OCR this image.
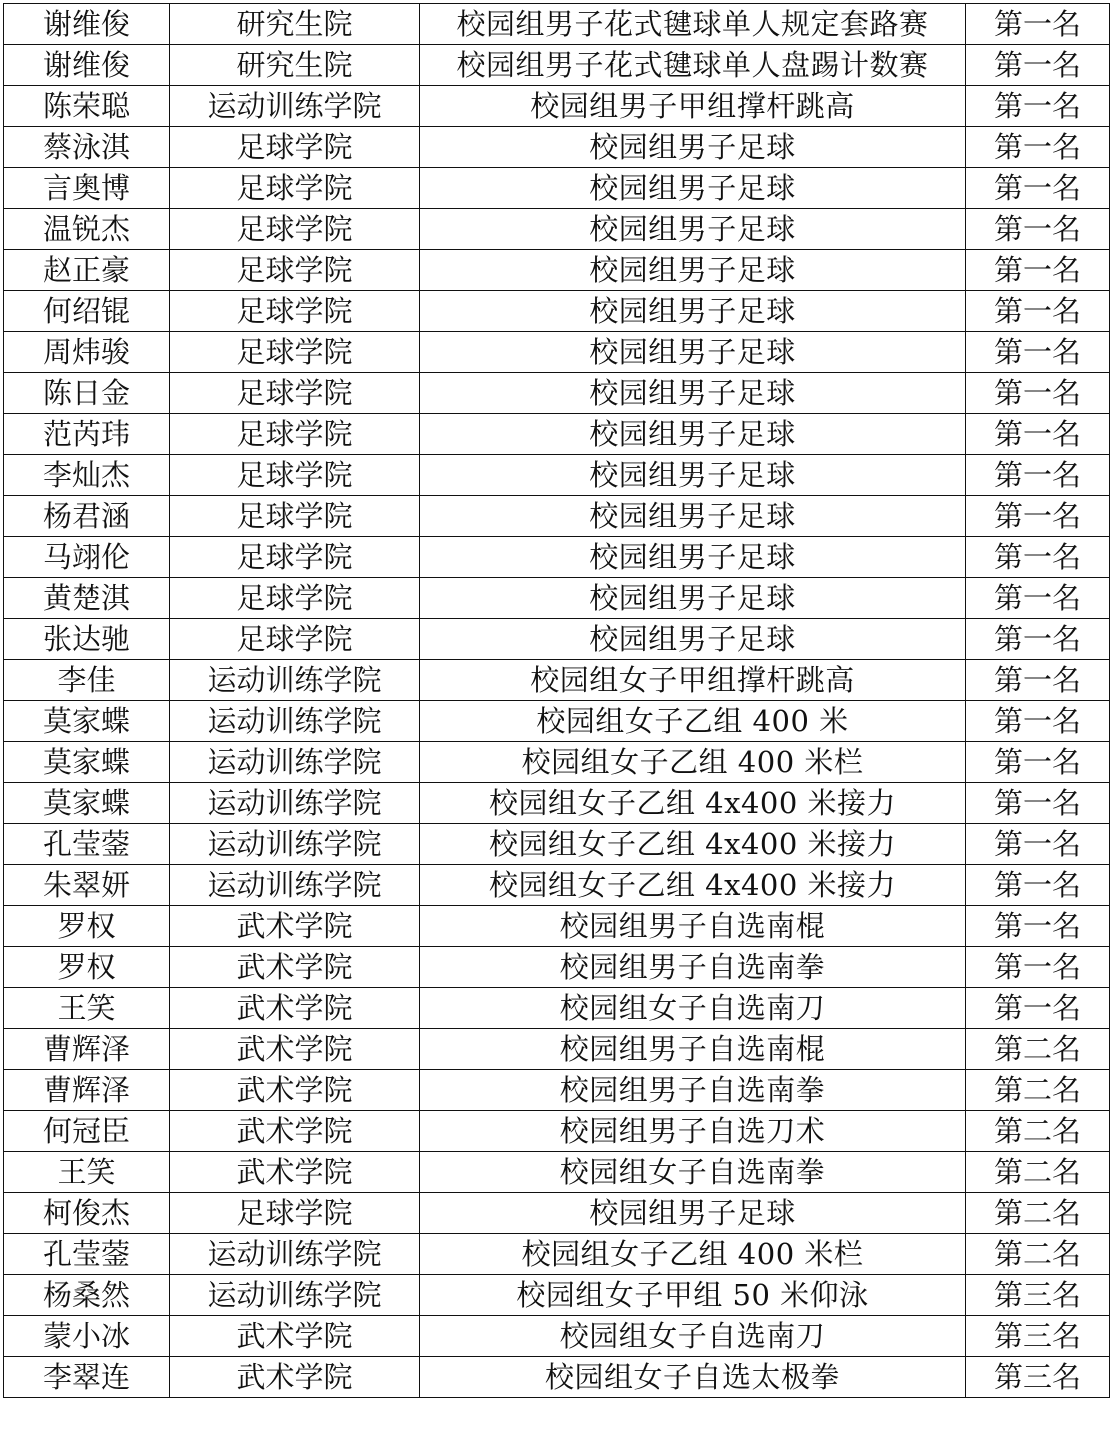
谢维俊	研究生院	校园组男子花式毽球单人规定套路赛	第一名
谢维俊	研究生院	校园组男子花式毽球单人盘踢计数赛	第一名
陈荣聪	运动训练学院	校园组男子甲组撑杆跳高	第一名
蔡泳淇	足球学院	校园组男子足球	第一名
言奥博	足球学院	校园组男子足球	第一名
温锐杰	足球学院	校园组男子足球	第一名
赵正豪	足球学院	校园组男子足球	第一名
何绍锟	足球学院	校园组男子足球	第一名
周炜骏	足球学院	校园组男子足球	第一名
陈日金	足球学院	校园组男子足球	第一名
范芮玮	足球学院	校园组男子足球	第一名
李灿杰	足球学院	校园组男子足球	第一名
杨君涵	足球学院	校园组男子足球	第一名
马翊伦	足球学院	校园组男子足球	第一名
黄楚淇	足球学院	校园组男子足球	第一名
张达驰	足球学院	校园组男子足球	第一名
李佳	运动训练学院	校园组女子甲组撑杆跳高	第一名
莫家蝶	运动训练学院	校园组女子乙组 400 米	第一名
莫家蝶	运动训练学院	校园组女子乙组 400 米栏	第一名
莫家蝶	运动训练学院	校园组女子乙组 4x400 米接力	第一名
孔莹蓥	运动训练学院	校园组女子乙组 4x400 米接力	第一名
朱翠妍	运动训练学院	校园组女子乙组 4x400 米接力	第一名
罗权	武术学院	校园组男子自选南棍	第一名
罗权	武术学院	校园组男子自选南拳	第一名
王笑	武术学院	校园组女子自选南刀	第一名
曹辉泽	武术学院	校园组男子自选南棍	第二名
曹辉泽	武术学院	校园组男子自选南拳	第二名
何冠臣	武术学院	校园组男子自选刀术	第二名
王笑	武术学院	校园组女子自选南拳	第二名
柯俊杰	足球学院	校园组男子足球	第二名
孔莹蓥	运动训练学院	校园组女子乙组 400 米栏	第二名
杨桑然	运动训练学院	校园组女子甲组 50 米仰泳	第三名
蒙小冰	武术学院	校园组女子自选南刀	第三名
李翠连	武术学院	校园组女子自选太极拳	第三名
